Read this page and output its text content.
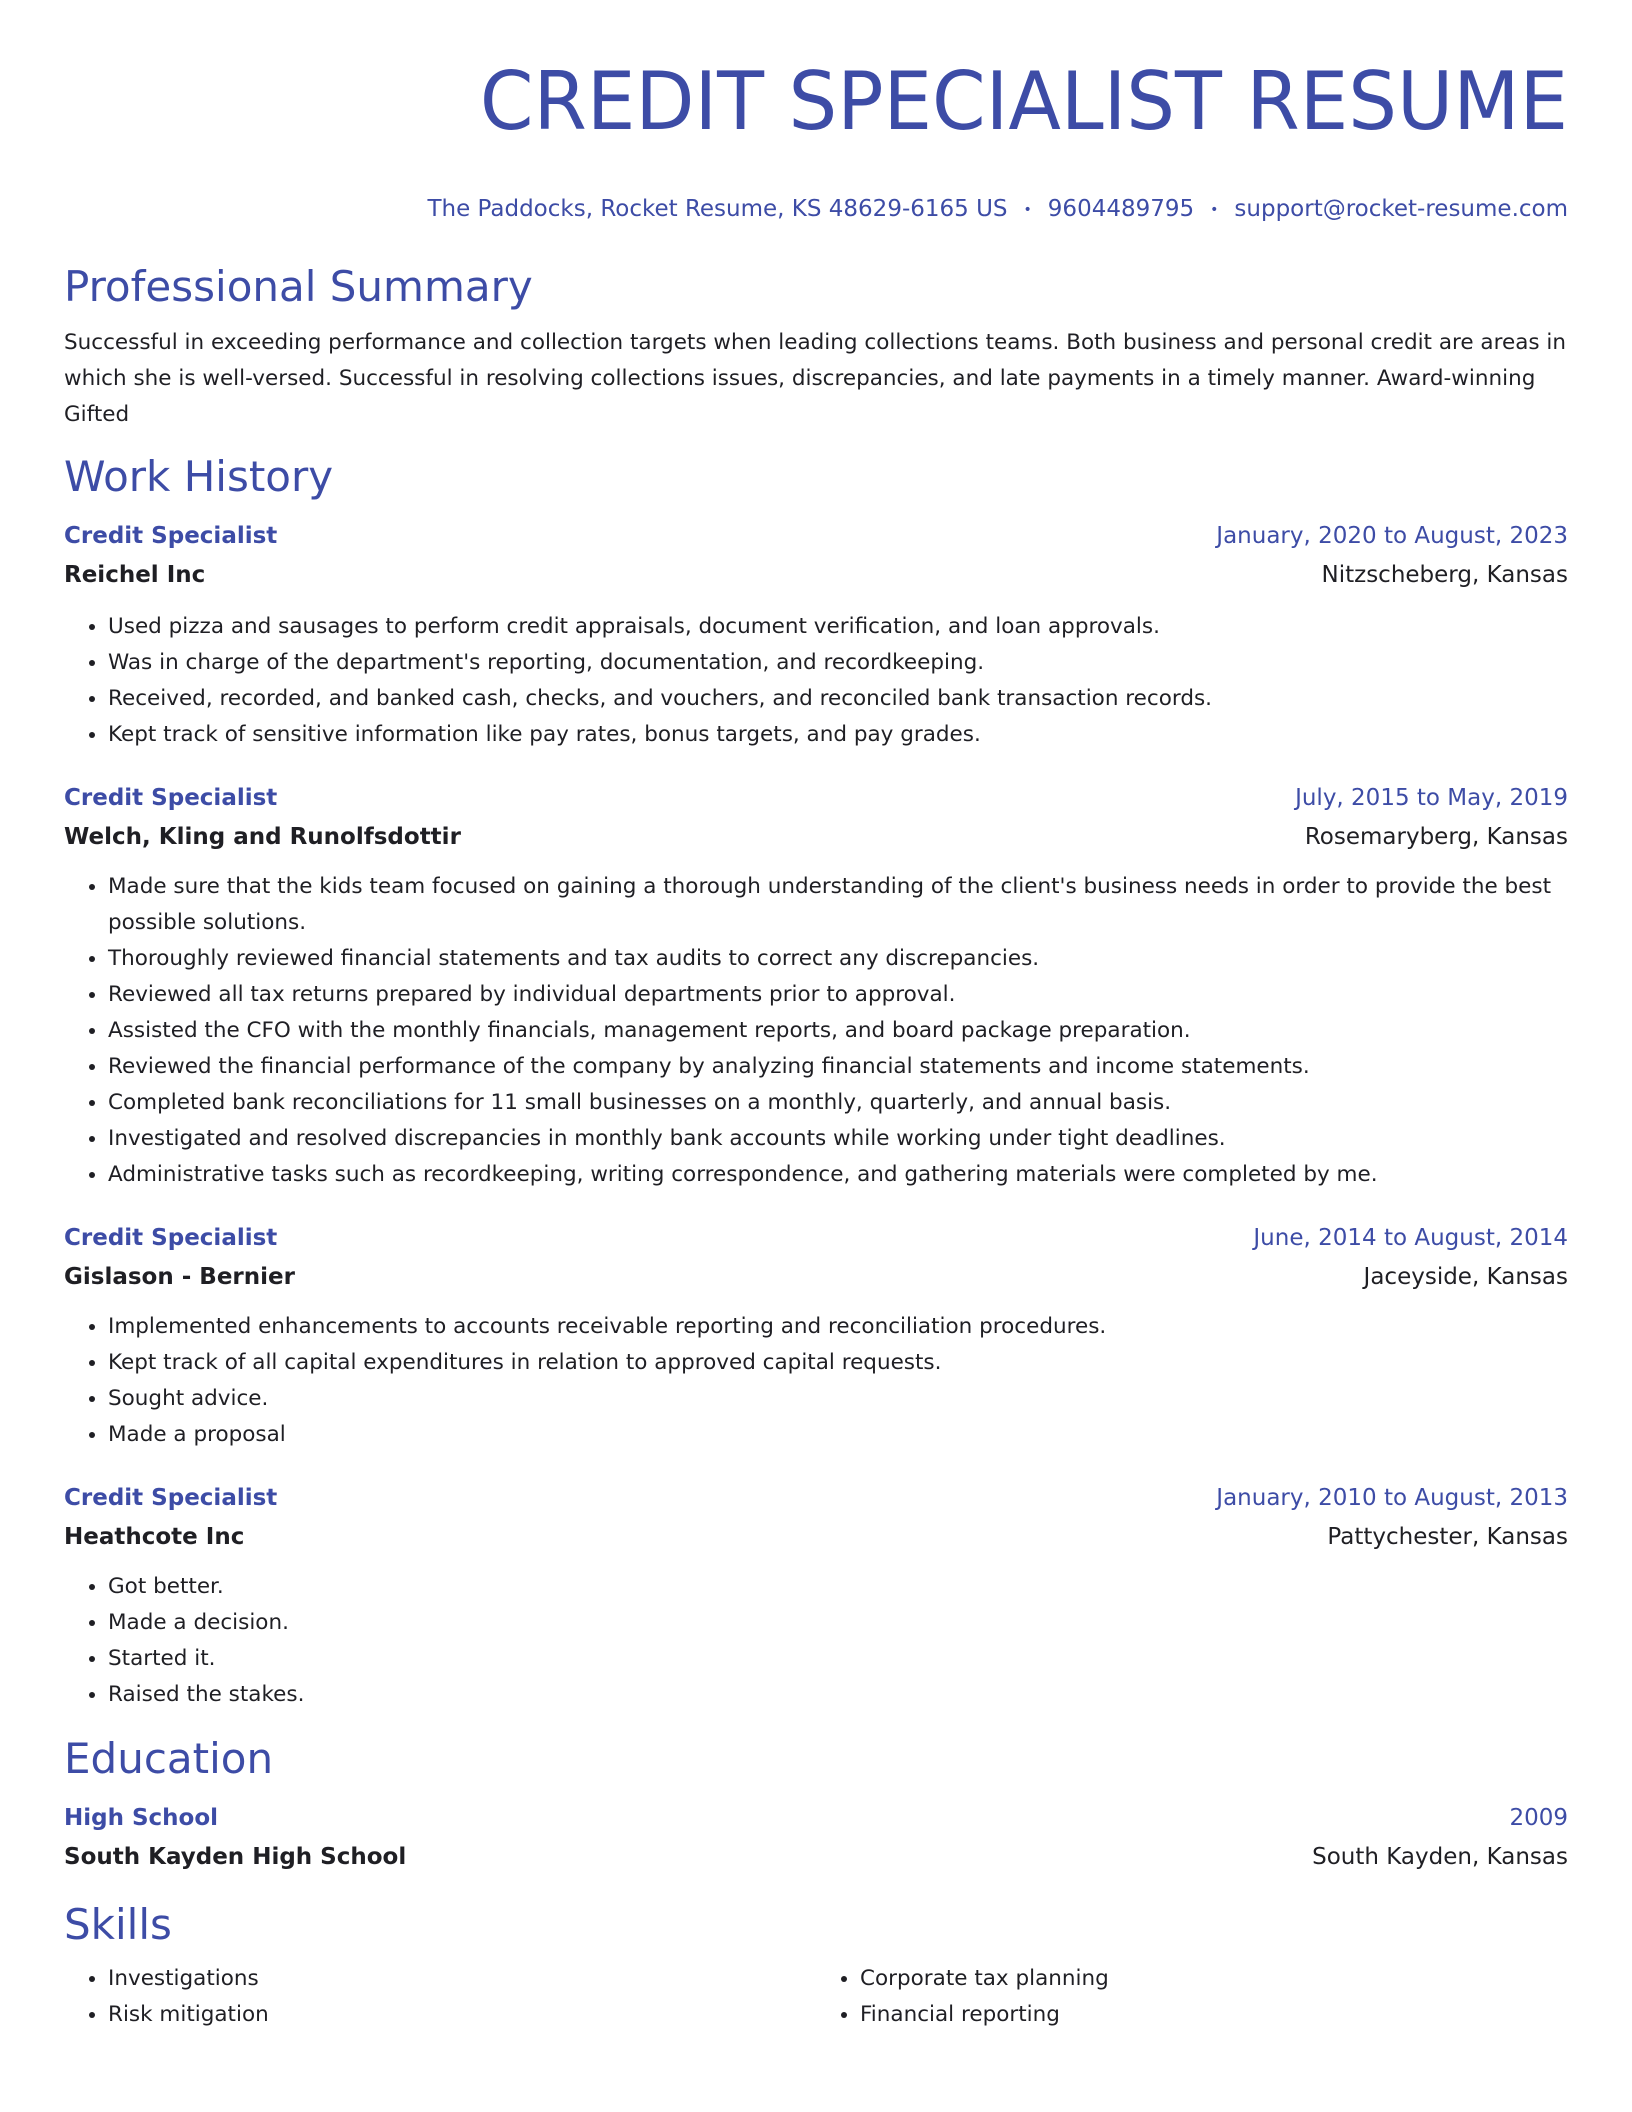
CREDIT SPECIALIST RESUME
The Paddocks, Rocket Resume, KS 48629-6165 US • 9604489795 • support@rocket-resume.com
Professional Summary

Successful in exceeding performance and collection targets when leading collections teams. Both business and personal credit are areas in which she is well-versed. Successful in resolving collections issues, discrepancies, and late payments in a timely manner. Award-winning Gifted

Work History
Credit Specialist	January, 2020 to August, 2023
Reichel Inc	Nitzscheberg, Kansas
• Used pizza and sausages to perform credit appraisals, document verification, and loan approvals.
• Was in charge of the department's reporting, documentation, and recordkeeping.
• Received, recorded, and banked cash, checks, and vouchers, and reconciled bank transaction records.
• Kept track of sensitive information like pay rates, bonus targets, and pay grades.
Credit Specialist	July, 2015 to May, 2019
Welch, Kling and Runolfsdottir	Rosemaryberg, Kansas
• Made sure that the kids team focused on gaining a thorough understanding of the client's business needs in order to provide the best possible solutions.
• Thoroughly reviewed financial statements and tax audits to correct any discrepancies.
• Reviewed all tax returns prepared by individual departments prior to approval.
• Assisted the CFO with the monthly financials, management reports, and board package preparation.
• Reviewed the financial performance of the company by analyzing financial statements and income statements.
• Completed bank reconciliations for 11 small businesses on a monthly, quarterly, and annual basis.
• Investigated and resolved discrepancies in monthly bank accounts while working under tight deadlines.
• Administrative tasks such as recordkeeping, writing correspondence, and gathering materials were completed by me.
Credit Specialist	June, 2014 to August, 2014
Gislason - Bernier	Jaceyside, Kansas
• Implemented enhancements to accounts receivable reporting and reconciliation procedures.
• Kept track of all capital expenditures in relation to approved capital requests.
• Sought advice.
• Made a proposal
Credit Specialist	January, 2010 to August, 2013
Heathcote Inc	Pattychester, Kansas
• Got better.
• Made a decision.
• Started it.
• Raised the stakes.
Education
High School	2009
South Kayden High School	South Kayden, Kansas
Skills
• Investigations
• Risk mitigation
• Corporate tax planning
• Financial reporting
